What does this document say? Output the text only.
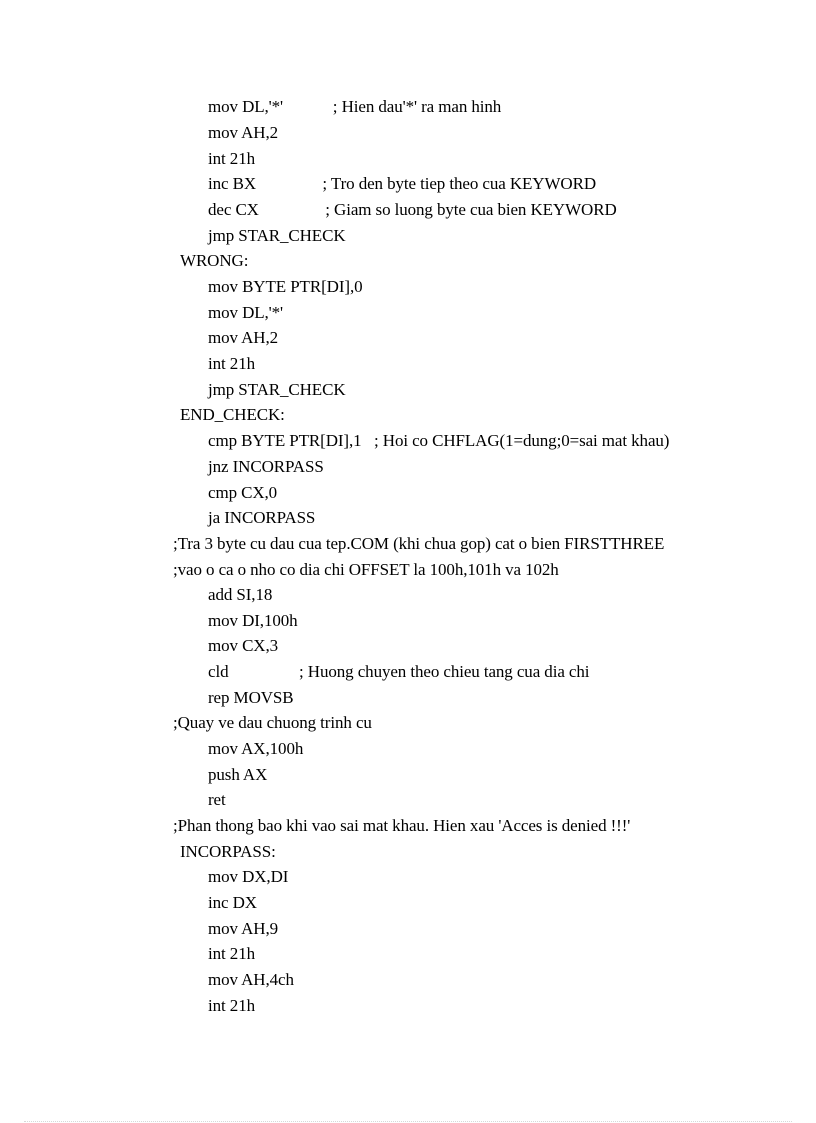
mov DL,'*'            ; Hien dau'*' ra man hinh
mov AH,2
int 21h
inc BX                ; Tro den byte tiep theo cua KEYWORD
dec CX                ; Giam so luong byte cua bien KEYWORD
jmp STAR_CHECK
WRONG:
mov BYTE PTR[DI],0
mov DL,'*'
mov AH,2
int 21h
jmp STAR_CHECK
END_CHECK:
cmp BYTE PTR[DI],1   ; Hoi co CHFLAG(1=dung;0=sai mat khau)
jnz INCORPASS
cmp CX,0
ja INCORPASS
;Tra 3 byte cu dau cua tep.COM (khi chua gop) cat o bien FIRSTTHREE
;vao o ca o nho co dia chi OFFSET la 100h,101h va 102h
add SI,18
mov DI,100h
mov CX,3
cld                 ; Huong chuyen theo chieu tang cua dia chi
rep MOVSB
;Quay ve dau chuong trinh cu
mov AX,100h
push AX
ret
;Phan thong bao khi vao sai mat khau. Hien xau 'Acces is denied !!!'
INCORPASS:
mov DX,DI
inc DX
mov AH,9
int 21h
mov AH,4ch
int 21h
